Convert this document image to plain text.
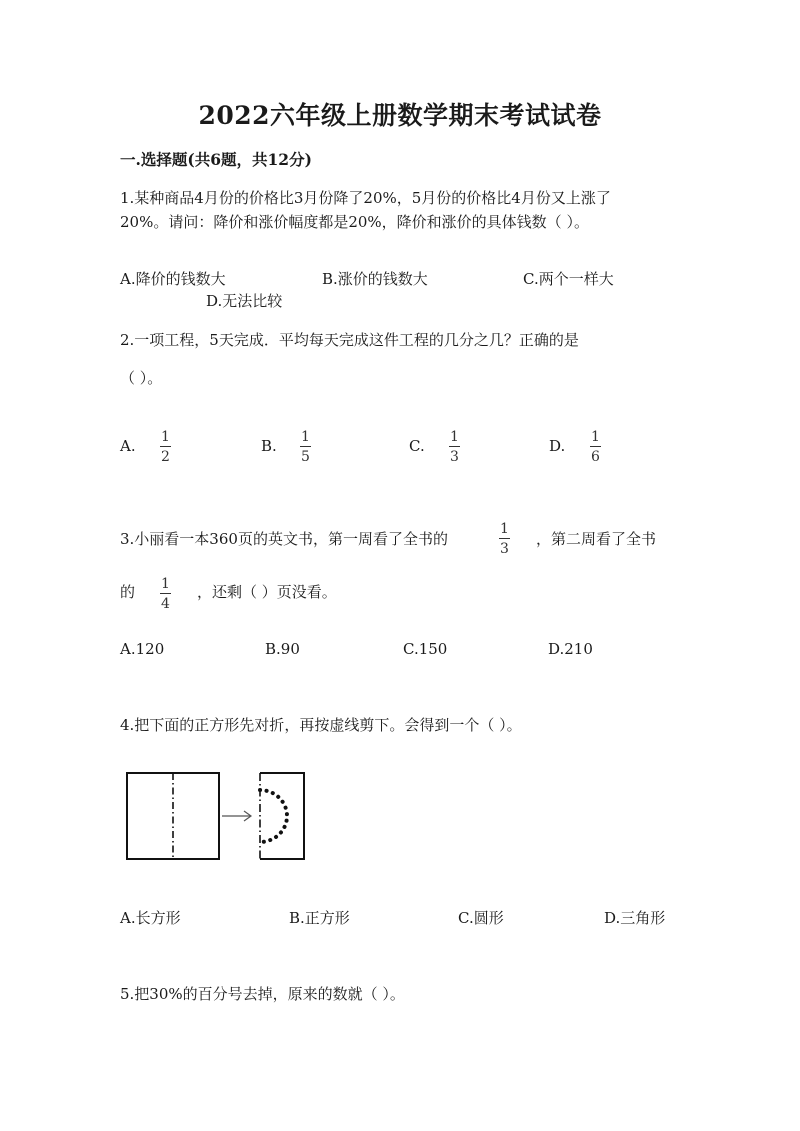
2022六年级上册数学期末考试试卷
一.选择题(共6题，共12分)
1.某种商品4月份的价格比3月份降了20%，5月份的价格比4月份又上涨了
20%。请问：降价和涨价幅度都是20%，降价和涨价的具体钱数（ ）。
A.降价的钱数大	B.涨价的钱数大	C.两个一样大
D.无法比较
2.一项工程，5天完成．平均每天完成这件工程的几分之几？正确的是
（ ）。
A. 1
2
B. 1
5
C. 1
3
D. 1
6
3.小丽看一本360页的英文书，第一周看了全书的
1
3
，第二周看了全书
的 1
4
，还剩（ ）页没看。
A.120	B.90	C.150	D.210
4.把下面的正方形先对折，再按虚线剪下。会得到一个（ ）。
A.长方形	B.正方形	C.圆形	D.三角形
5.把30%的百分号去掉，原来的数就（ ）。
